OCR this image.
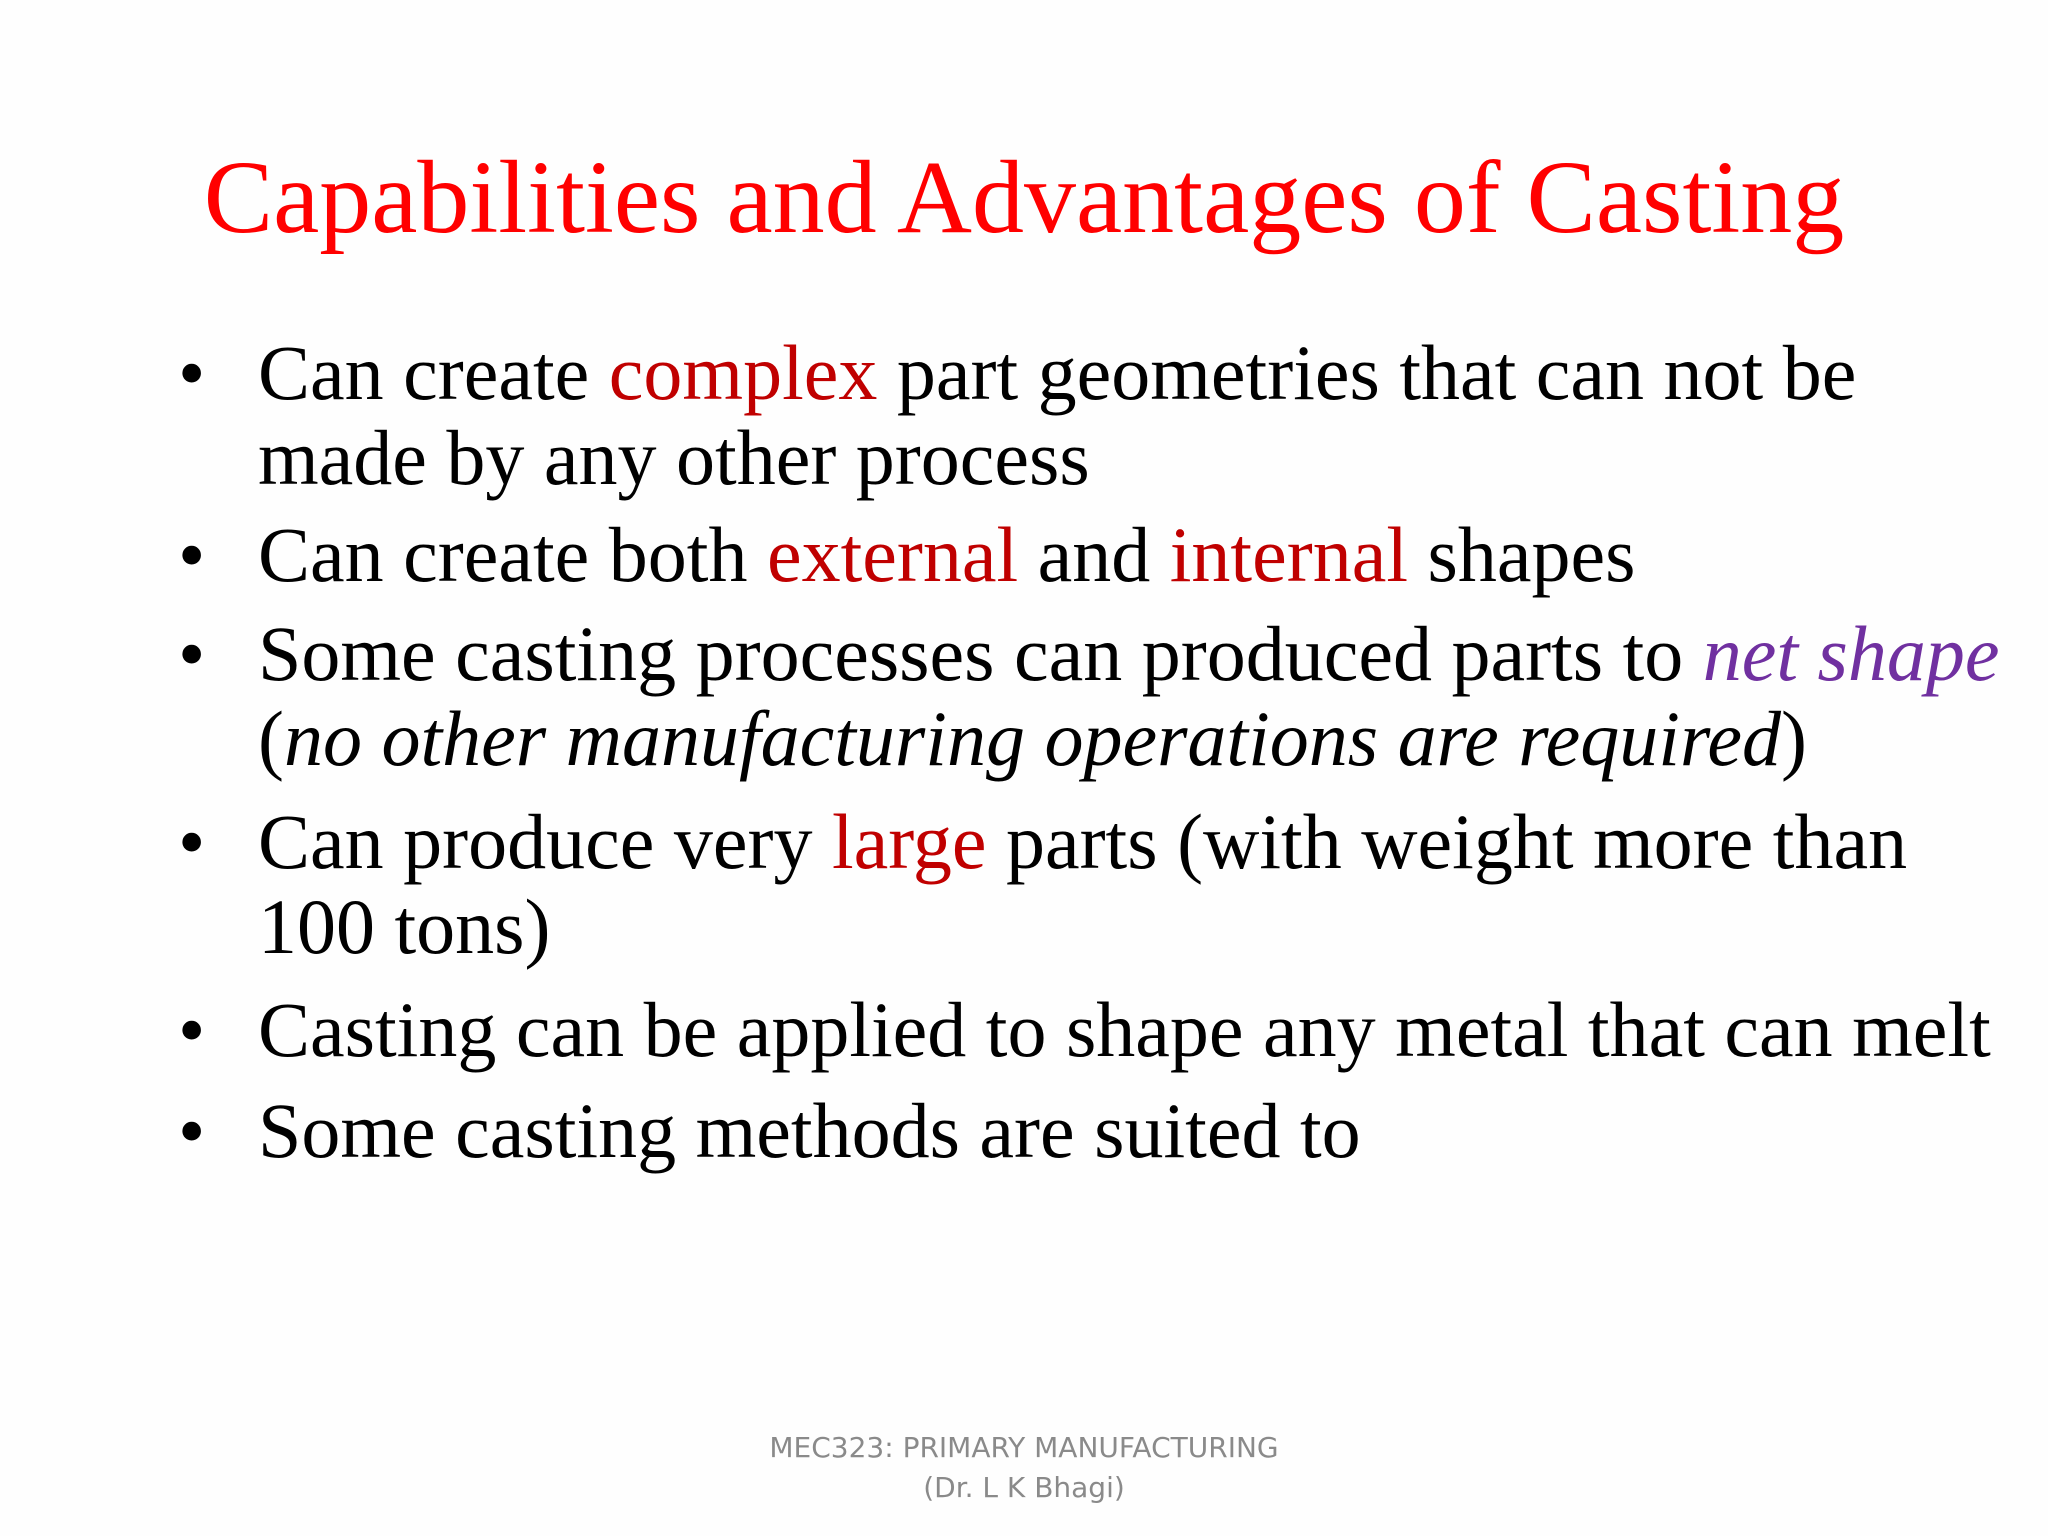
Capabilities and Advantages of Casting
• Can create complex part geometries that can not be
made by any other process
• Can create both external and internal shapes
• Some casting processes can produced parts to net shape
(no other manufacturing operations are required)
• Can produce very large parts (with weight more than
100 tons)
• Casting can be applied to shape any metal that can melt
• Some casting methods are suited to
MEC323: PRIMARY MANUFACTURING
(Dr. L K Bhagi)
